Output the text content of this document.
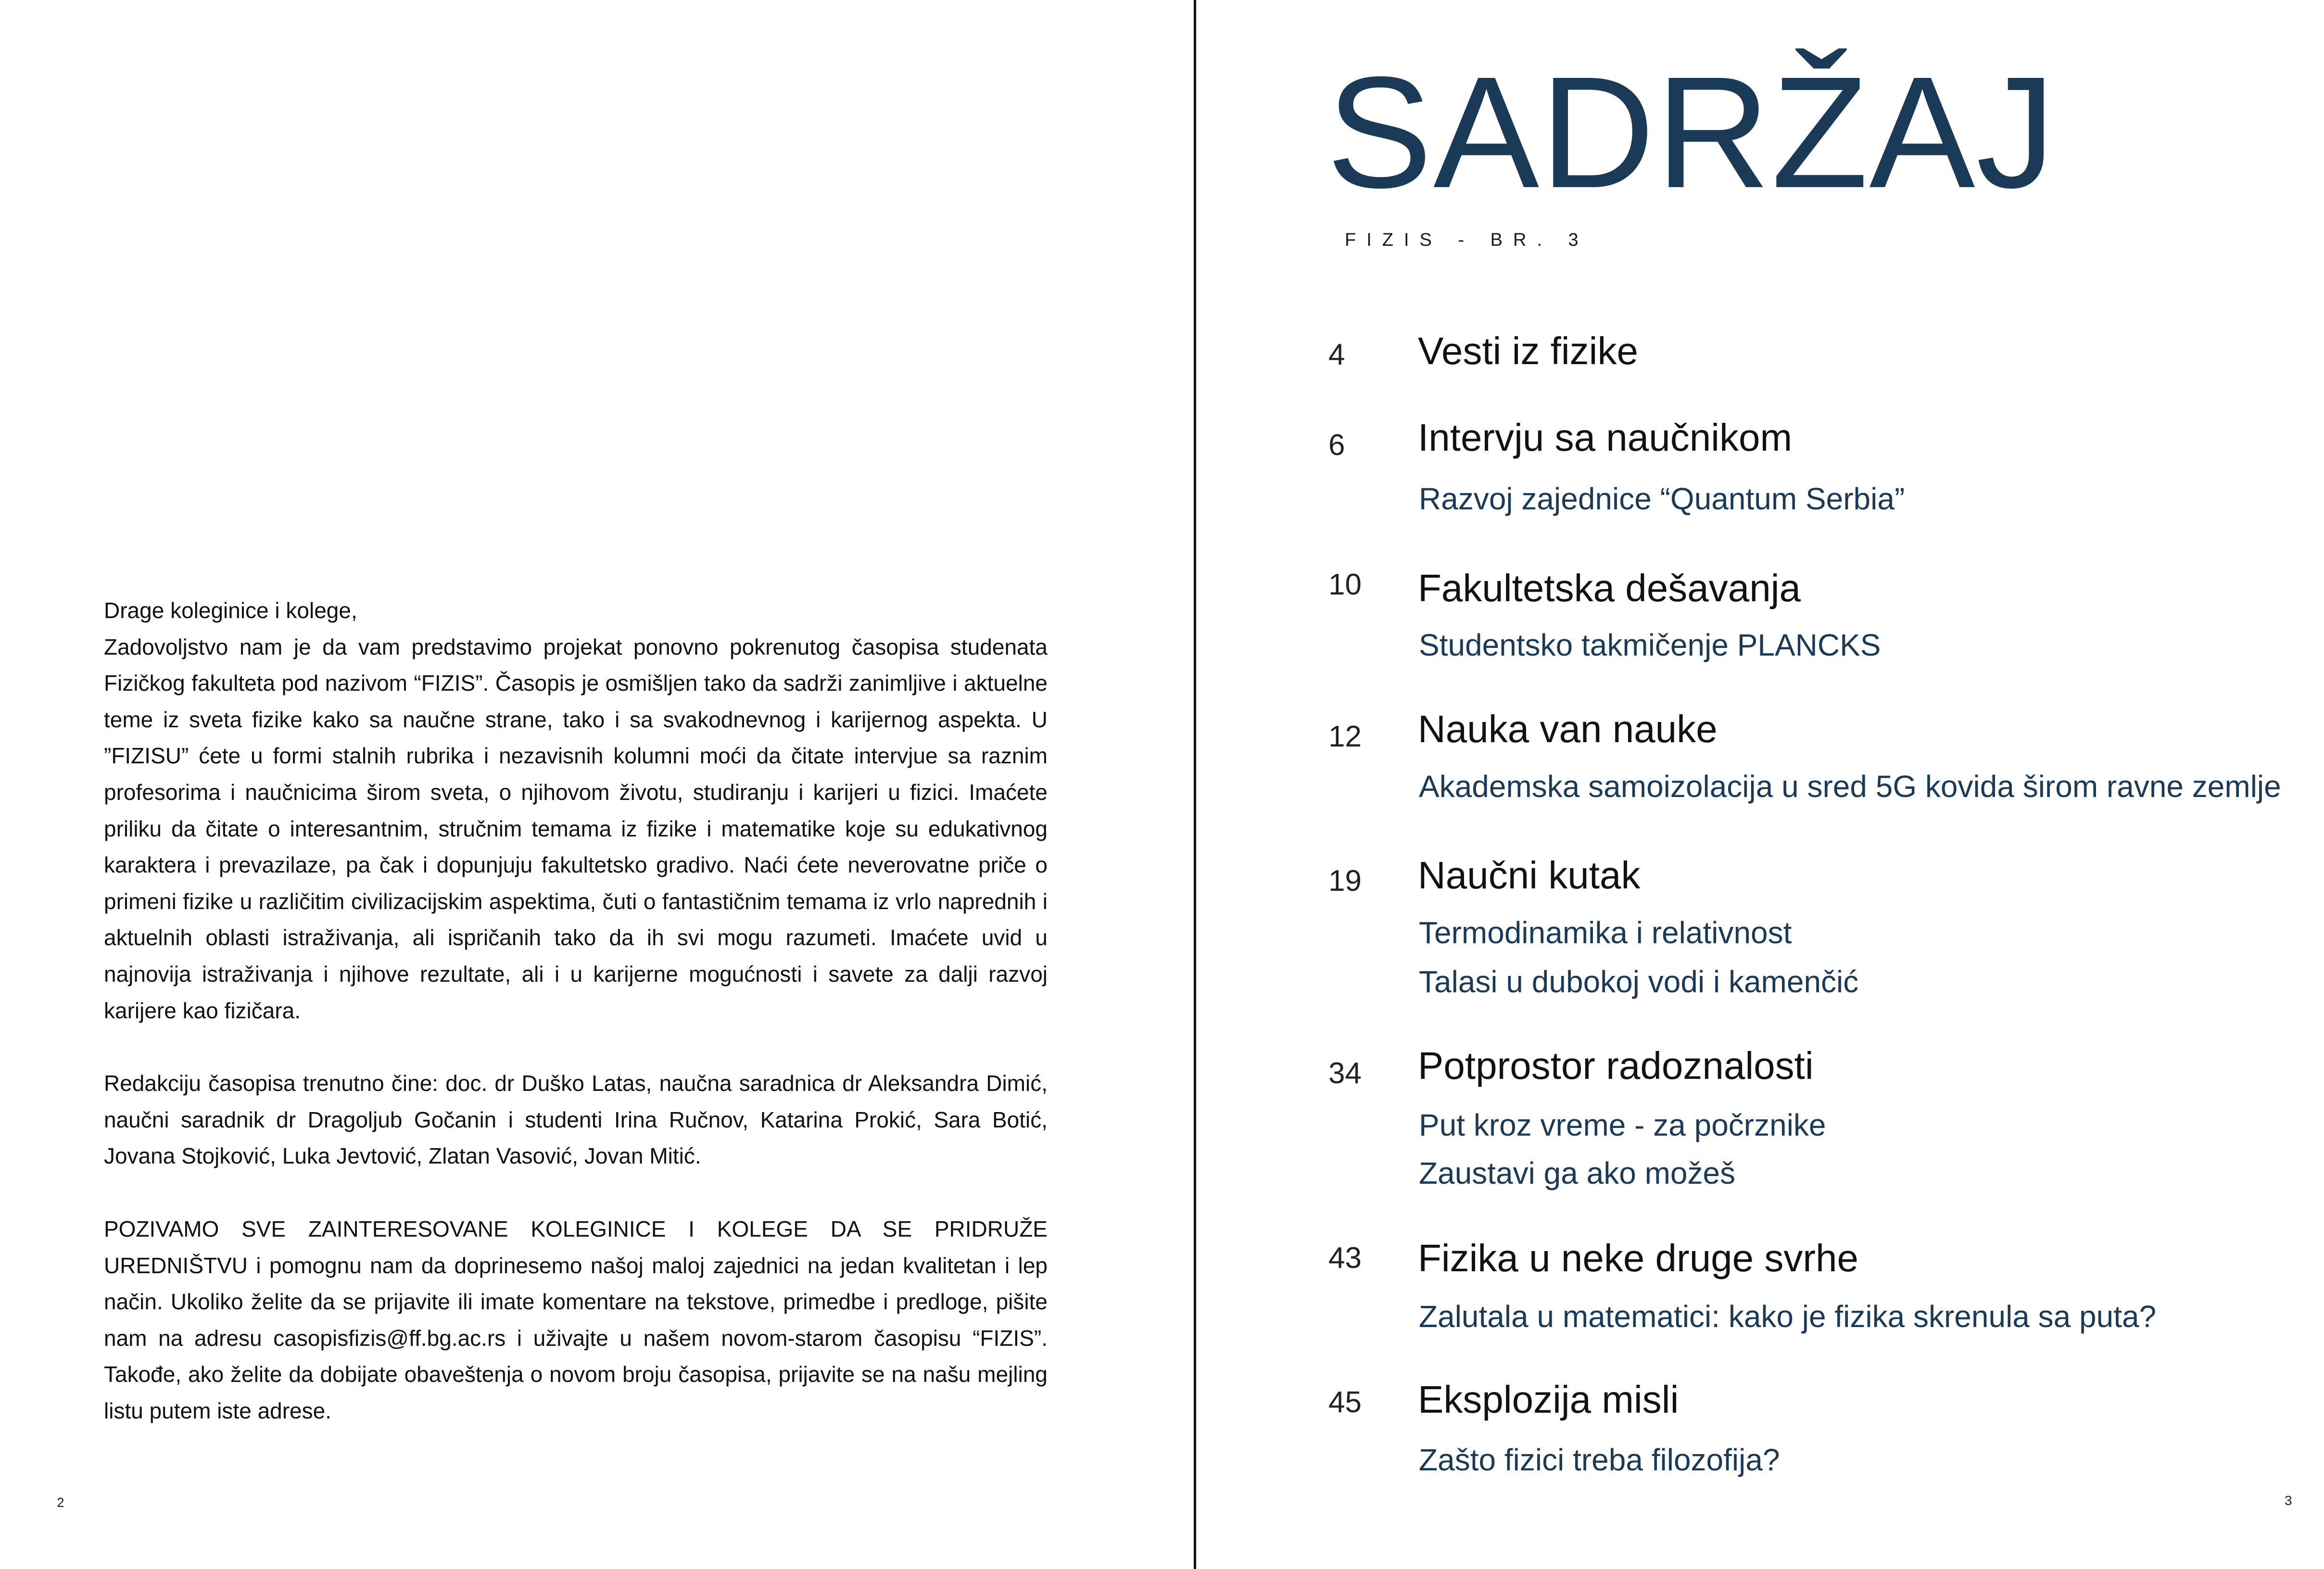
Drage koleginice i kolege,

Zadovoljstvo nam je da vam predstavimo projekat ponovno pokrenutog časopisa studenata Fizičkog fakulteta pod nazivom “FIZIS”. Časopis je osmišljen tako da sadrži zanimljive i aktuelne teme iz sveta fizike kako sa naučne strane, tako i sa svakodnevnog i karijernog aspekta. U ”FIZISU” ćete u formi stalnih rubrika i nezavisnih kolumni moći da čitate intervjue sa raznim profesorima i naučnicima širom sveta, o njihovom životu, studiranju i karijeri u fizici. Imaćete priliku da čitate o interesantnim, stručnim temama iz fizike i matematike koje su edukativnog karaktera i prevazilaze, pa čak i dopunjuju fakultetsko gradivo. Naći ćete neverovatne priče o primeni fizike u različitim civilizacijskim aspektima, čuti o fantastičnim temama iz vrlo naprednih i aktuelnih oblasti istraživanja, ali ispričanih tako da ih svi mogu razumeti. Imaćete uvid u najnovija istraživanja i njihove rezultate, ali i u karijerne mogućnosti i savete za dalji razvoj karijere kao fizičara.

Redakciju časopisa trenutno čine: doc. dr Duško Latas, naučna saradnica dr Aleksandra Dimić, naučni saradnik dr Dragoljub Gočanin i studenti Irina Ručnov, Katarina Prokić, Sara Botić, Jovana Stojković, Luka Jevtović, Zlatan Vasović, Jovan Mitić.

POZIVAMO SVE ZAINTERESOVANE KOLEGINICE I KOLEGE DA SE PRIDRUŽE UREDNIŠTVU i pomognu nam da doprinesemo našoj maloj zajednici na jedan kvalitetan i lep način. Ukoliko želite da se prijavite ili imate komentare na tekstove, primedbe i predloge, pišite nam na adresu casopisfizis@ff.bg.ac.rs i uživajte u našem novom-starom časopisu “FIZIS”. Takođe, ako želite da dobijate obaveštenja o novom broju časopisa, prijavite se na našu mejling listu putem iste adrese.

2
SADRŽAJ
FIZIS - BR. 3
4 Vesti iz fizike
6 Intervju sa naučnikom
Razvoj zajednice “Quantum Serbia”
10 Fakultetska dešavanja
Studentsko takmičenje PLANCKS
12 Nauka van nauke
Akademska samoizolacija u sred 5G kovida širom ravne zemlje
19 Naučni kutak
Termodinamika i relativnost
Talasi u dubokoj vodi i kamenčić
34 Potprostor radoznalosti
Put kroz vreme - za počrznike
Zaustavi ga ako možeš
43 Fizika u neke druge svrhe
Zalutala u matematici: kako je fizika skrenula sa puta?
45 Eksplozija misli
Zašto fizici treba filozofija?
3
